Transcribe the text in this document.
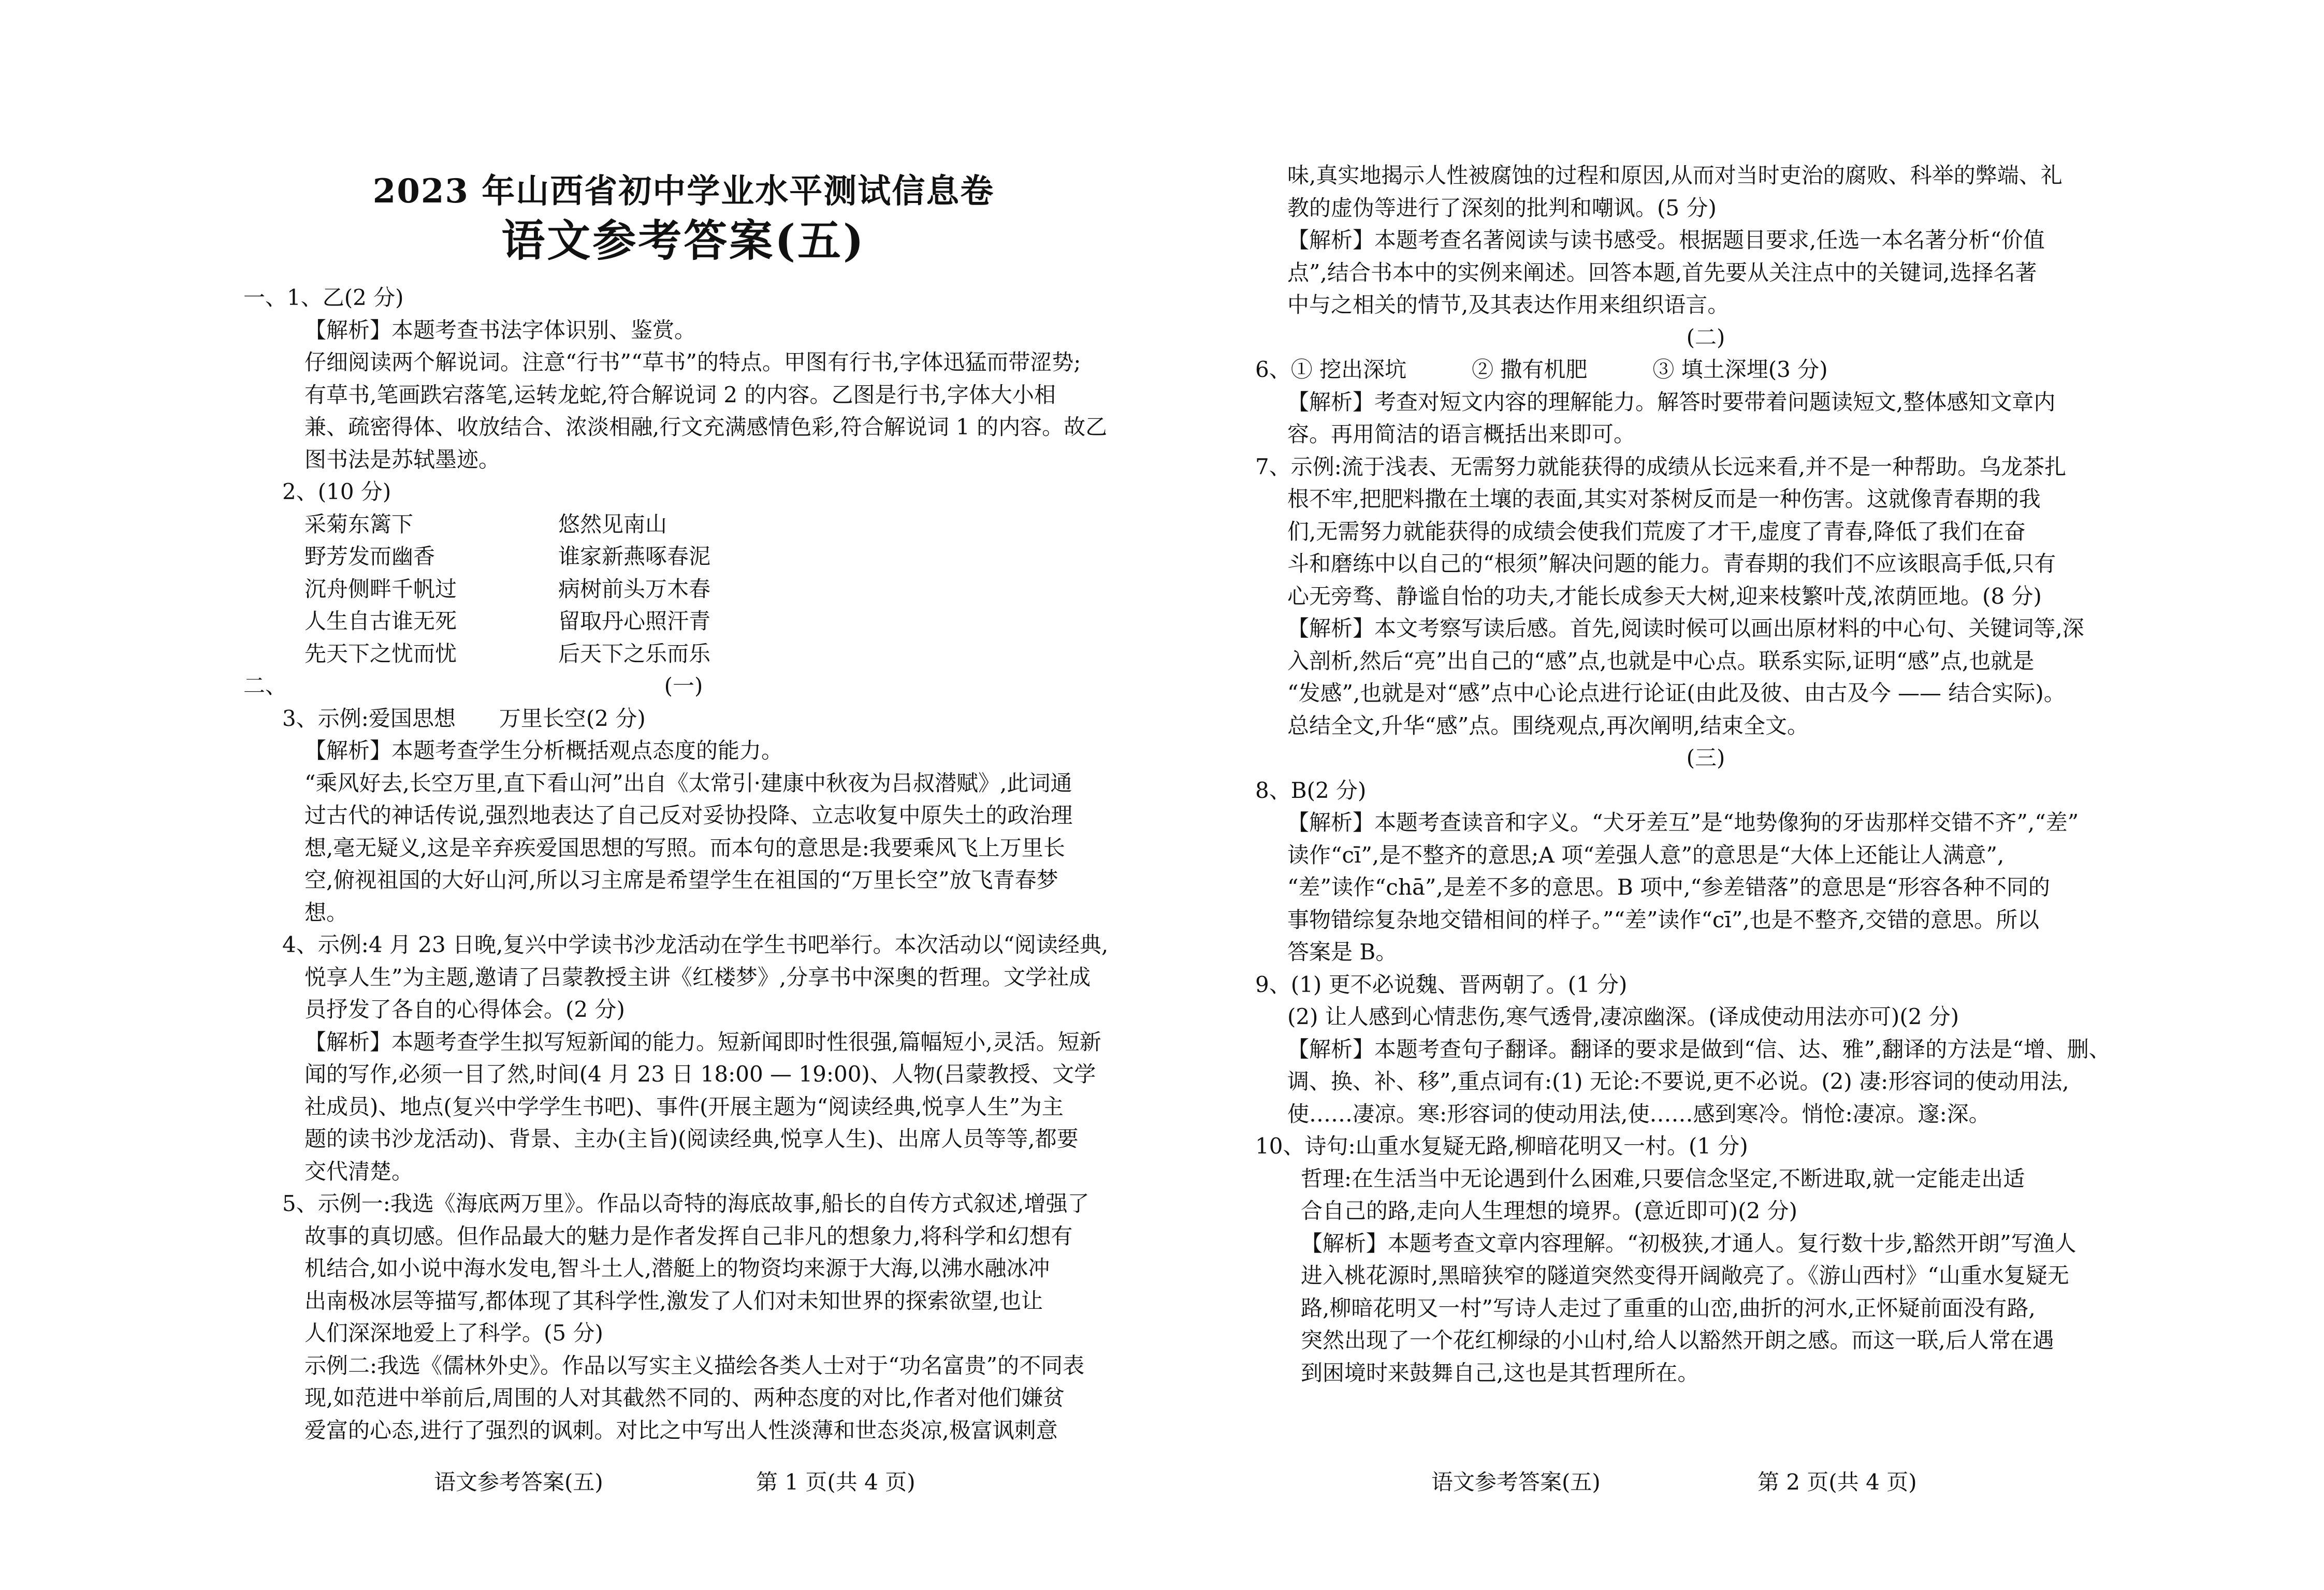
2023 年山西省初中学业水平测试信息卷
语文参考答案(五)
一、1、乙(2 分)
【解析】本题考查书法字体识别、鉴赏。
仔细阅读两个解说词。注意“行书”“草书”的特点。甲图有行书,字体迅猛而带涩势;
有草书,笔画跌宕落笔,运转龙蛇,符合解说词 2 的内容。乙图是行书,字体大小相
兼、疏密得体、收放结合、浓淡相融,行文充满感情色彩,符合解说词 1 的内容。故乙
图书法是苏轼墨迹。
2、(10 分)
采菊东篱下	悠然见南山
野芳发而幽香	谁家新燕啄春泥
沉舟侧畔千帆过	病树前头万木春
人生自古谁无死	留取丹心照汗青
先天下之忧而忧	后天下之乐而乐
二、	(一)
3、示例:爱国思想　　万里长空(2 分)
【解析】本题考查学生分析概括观点态度的能力。
“乘风好去,长空万里,直下看山河”出自《太常引·建康中秋夜为吕叔潜赋》,此词通
过古代的神话传说,强烈地表达了自己反对妥协投降、立志收复中原失土的政治理
想,毫无疑义,这是辛弃疾爱国思想的写照。而本句的意思是:我要乘风飞上万里长
空,俯视祖国的大好山河,所以习主席是希望学生在祖国的“万里长空”放飞青春梦
想。
4、示例:4 月 23 日晚,复兴中学读书沙龙活动在学生书吧举行。本次活动以“阅读经典,
悦享人生”为主题,邀请了吕蒙教授主讲《红楼梦》,分享书中深奥的哲理。文学社成
员抒发了各自的心得体会。(2 分)
【解析】本题考查学生拟写短新闻的能力。短新闻即时性很强,篇幅短小,灵活。短新
闻的写作,必须一目了然,时间(4 月 23 日 18:00 — 19:00)、人物(吕蒙教授、文学
社成员)、地点(复兴中学学生书吧)、事件(开展主题为“阅读经典,悦享人生”为主
题的读书沙龙活动)、背景、主办(主旨)(阅读经典,悦享人生)、出席人员等等,都要
交代清楚。
5、示例一:我选《海底两万里》。作品以奇特的海底故事,船长的自传方式叙述,增强了
故事的真切感。但作品最大的魅力是作者发挥自己非凡的想象力,将科学和幻想有
机结合,如小说中海水发电,智斗土人,潜艇上的物资均来源于大海,以沸水融冰冲
出南极冰层等描写,都体现了其科学性,激发了人们对未知世界的探索欲望,也让
人们深深地爱上了科学。(5 分)
示例二:我选《儒林外史》。作品以写实主义描绘各类人士对于“功名富贵”的不同表
现,如范进中举前后,周围的人对其截然不同的、两种态度的对比,作者对他们嫌贫
爱富的心态,进行了强烈的讽刺。对比之中写出人性淡薄和世态炎凉,极富讽刺意
语文参考答案(五)	第 1 页(共 4 页)
味,真实地揭示人性被腐蚀的过程和原因,从而对当时吏治的腐败、科举的弊端、礼
教的虚伪等进行了深刻的批判和嘲讽。(5 分)
【解析】本题考查名著阅读与读书感受。根据题目要求,任选一本名著分析“价值
点”,结合书本中的实例来阐述。回答本题,首先要从关注点中的关键词,选择名著
中与之相关的情节,及其表达作用来组织语言。
(二)
6、① 挖出深坑　　　② 撒有机肥　　　③ 填土深埋(3 分)
【解析】考查对短文内容的理解能力。解答时要带着问题读短文,整体感知文章内
容。再用简洁的语言概括出来即可。
7、示例:流于浅表、无需努力就能获得的成绩从长远来看,并不是一种帮助。乌龙茶扎
根不牢,把肥料撒在土壤的表面,其实对茶树反而是一种伤害。这就像青春期的我
们,无需努力就能获得的成绩会使我们荒废了才干,虚度了青春,降低了我们在奋
斗和磨练中以自己的“根须”解决问题的能力。青春期的我们不应该眼高手低,只有
心无旁骛、静谧自怡的功夫,才能长成参天大树,迎来枝繁叶茂,浓荫匝地。(8 分)
【解析】本文考察写读后感。首先,阅读时候可以画出原材料的中心句、关键词等,深
入剖析,然后“亮”出自己的“感”点,也就是中心点。联系实际,证明“感”点,也就是
“发感”,也就是对“感”点中心论点进行论证(由此及彼、由古及今 —— 结合实际)。
总结全文,升华“感”点。围绕观点,再次阐明,结束全文。
(三)
8、B(2 分)
【解析】本题考查读音和字义。“犬牙差互”是“地势像狗的牙齿那样交错不齐”,“差”
读作“cī”,是不整齐的意思;A 项“差强人意”的意思是“大体上还能让人满意”,
“差”读作“chā”,是差不多的意思。B 项中,“参差错落”的意思是“形容各种不同的
事物错综复杂地交错相间的样子。”“差”读作“cī”,也是不整齐,交错的意思。所以
答案是 B。
9、(1) 更不必说魏、晋两朝了。(1 分)
(2) 让人感到心情悲伤,寒气透骨,凄凉幽深。(译成使动用法亦可)(2 分)
【解析】本题考查句子翻译。翻译的要求是做到“信、达、雅”,翻译的方法是“增、删、
调、换、补、移”,重点词有:(1) 无论:不要说,更不必说。(2) 凄:形容词的使动用法,
使……凄凉。寒:形容词的使动用法,使……感到寒冷。悄怆:凄凉。邃:深。
10、诗句:山重水复疑无路,柳暗花明又一村。(1 分)
哲理:在生活当中无论遇到什么困难,只要信念坚定,不断进取,就一定能走出适
合自己的路,走向人生理想的境界。(意近即可)(2 分)
【解析】本题考查文章内容理解。“初极狭,才通人。复行数十步,豁然开朗”写渔人
进入桃花源时,黑暗狭窄的隧道突然变得开阔敞亮了。《游山西村》“山重水复疑无
路,柳暗花明又一村”写诗人走过了重重的山峦,曲折的河水,正怀疑前面没有路,
突然出现了一个花红柳绿的小山村,给人以豁然开朗之感。而这一联,后人常在遇
到困境时来鼓舞自己,这也是其哲理所在。
语文参考答案(五)	第 2 页(共 4 页)
